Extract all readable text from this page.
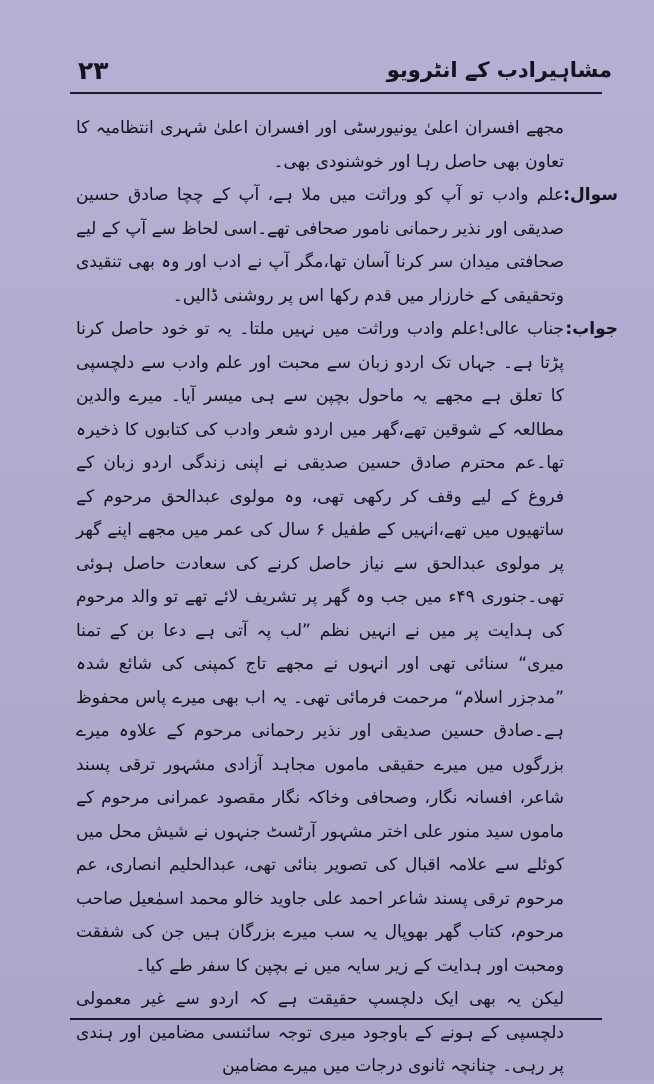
۲۳	مشاہیرادب کے انٹرویو

مجھے افسران اعلیٰ یونیورسٹی اور افسران اعلیٰ شہری انتظامیہ کا تعاون بھی حاصل رہا اور خوشنودی بھی۔

سوال:

علم وادب تو آپ کو وراثت میں ملا ہے، آپ کے چچا صادق حسین صدیقی اور نذیر رحمانی نامور صحافی تھے۔اسی لحاظ سے آپ کے لیے صحافتی میدان سر کرنا آسان تھا،مگر آپ نے ادب اور وہ بھی تنقیدی وتحقیقی کے خارزار میں قدم رکھا اس پر روشنی ڈالیں۔

جواب:

جناب عالی!علم وادب وراثت میں نہیں ملتا۔ یہ تو خود حاصل کرنا پڑتا ہے۔ جہاں تک اردو زبان سے محبت اور علم وادب سے دلچسپی کا تعلق ہے مجھے یہ ماحول بچپن سے ہی میسر آیا۔ میرے والدین مطالعہ کے شوقین تھے،گھر میں اردو شعر وادب کی کتابوں کا ذخیرہ تھا۔عم محترم صادق حسین صدیقی نے اپنی زندگی اردو زبان کے فروغ کے لیے وقف کر رکھی تھی، وہ مولوی عبدالحق مرحوم کے ساتھیوں میں تھے،انہیں کے طفیل ۶ سال کی عمر میں مجھے اپنے گھر پر مولوی عبدالحق سے نیاز حاصل کرنے کی سعادت حاصل ہوئی تھی۔جنوری ۴۹ء میں جب وہ گھر پر تشریف لائے تھے تو والد مرحوم کی ہدایت پر میں نے انہیں نظم ”لب پہ آتی ہے دعا بن کے تمنا میری“ سنائی تھی اور انہوں نے مجھے تاج کمپنی کی شائع شدہ ”مدجزر اسلام“ مرحمت فرمائی تھی۔ یہ اب بھی میرے پاس محفوظ ہے۔صادق حسین صدیقی اور نذیر رحمانی مرحوم کے علاوہ میرے بزرگوں میں میرے حقیقی ماموں مجاہد آزادی مشہور ترقی پسند شاعر، افسانہ نگار، وصحافی وخاکہ نگار مقصود عمرانی مرحوم کے ماموں سید منور علی اختر مشہور آرٹسٹ جنہوں نے شیش محل میں کوئلے سے علامہ اقبال کی تصویر بنائی تھی، عبدالحلیم انصاری، عم مرحوم ترقی پسند شاعر احمد علی جاوید خالو محمد اسمٰعیل صاحب مرحوم، کتاب گھر بھوپال یہ سب میرے بزرگان ہیں جن کی شفقت ومحبت اور ہدایت کے زیر سایہ میں نے بچپن کا سفر طے کیا۔

لیکن یہ بھی ایک دلچسپ حقیقت ہے کہ اردو سے غیر معمولی دلچسپی کے ہونے کے باوجود میری توجہ سائنسی مضامین اور ہندی پر رہی۔ چنانچہ ثانوی درجات میں میرے مضامین
